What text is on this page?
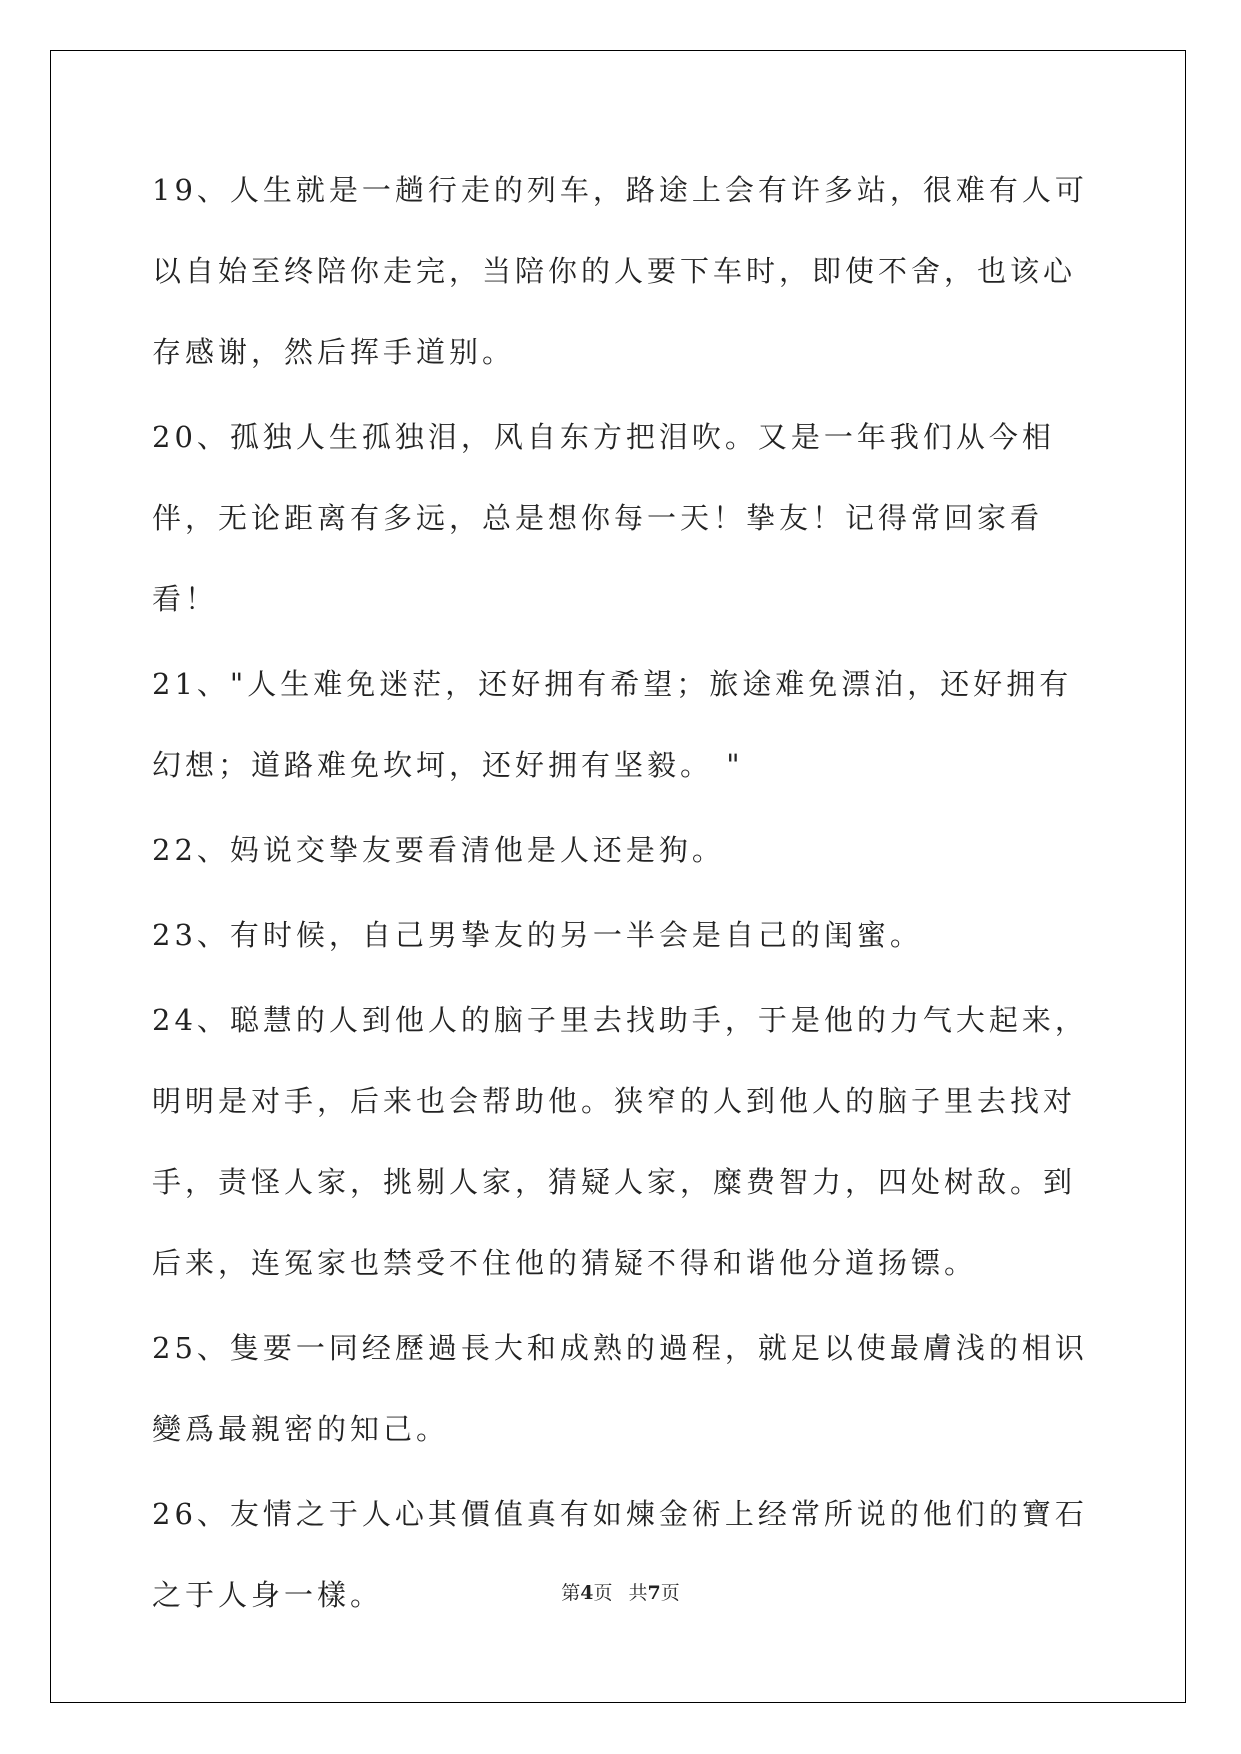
19、人生就是一趟行走的列车，路途上会有许多站，很难有人可以自始至终陪你走完，当陪你的人要下车时，即使不舍，也该心存感谢，然后挥手道别。

20、孤独人生孤独泪，风自东方把泪吹。又是一年我们从今相伴，无论距离有多远，总是想你每一天！挚友！记得常回家看看！

21、"人生难免迷茫，还好拥有希望；旅途难免漂泊，还好拥有幻想；道路难免坎坷，还好拥有坚毅。 "

22、妈说交挚友要看清他是人还是狗。

23、有时候，自己男挚友的另一半会是自己的闺蜜。

24、聪慧的人到他人的脑子里去找助手，于是他的力气大起来，明明是对手，后来也会帮助他。狭窄的人到他人的脑子里去找对手，责怪人家，挑剔人家，猜疑人家，糜费智力，四处树敌。到后来，连冤家也禁受不住他的猜疑不得和谐他分道扬镖。

25、隻要一同经歷過長大和成熟的過程，就足以使最膚浅的相识變爲最親密的知己。

26、友情之于人心其價值真有如煉金術上经常所说的他们的寶石之于人身一樣。	第4页 共7页
